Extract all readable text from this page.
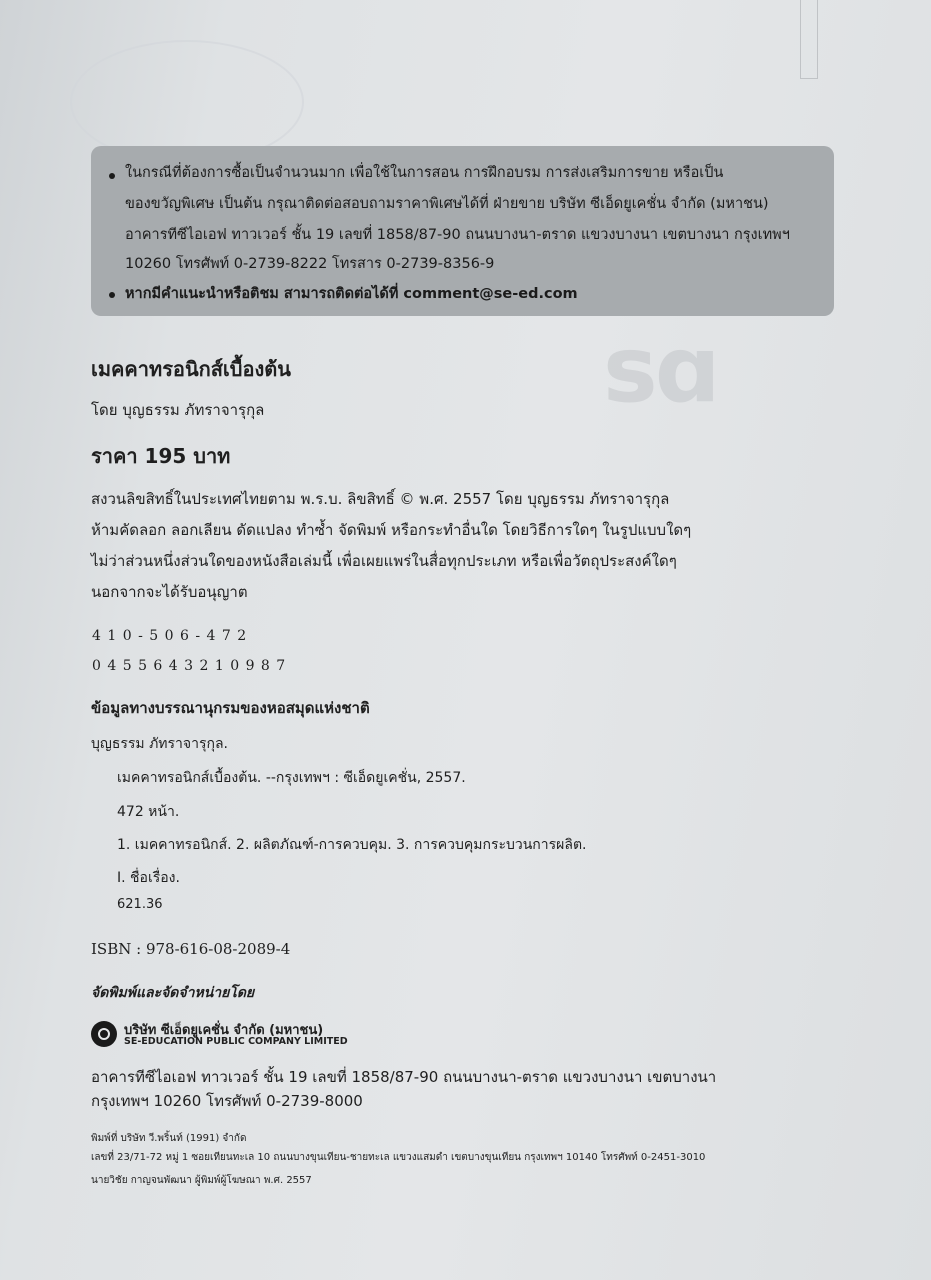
ɒƨ
ในกรณีที่ต้องการซื้อเป็นจำนวนมาก เพื่อใช้ในการสอน การฝึกอบรม การส่งเสริมการขาย หรือเป็น
ของขวัญพิเศษ เป็นต้น กรุณาติดต่อสอบถามราคาพิเศษได้ที่ ฝ่ายขาย บริษัท ซีเอ็ดยูเคชั่น จำกัด (มหาชน)
อาคารทีซีไอเอฟ ทาวเวอร์ ชั้น 19 เลขที่ 1858/87-90 ถนนบางนา-ตราด แขวงบางนา เขตบางนา กรุงเทพฯ
10260 โทรศัพท์ 0-2739-8222 โทรสาร 0-2739-8356-9
หากมีคำแนะนำหรือติชม สามารถติดต่อได้ที่ comment@se-ed.com
เมคคาทรอนิกส์เบื้องต้น
โดย บุญธรรม ภัทราจารุกุล
ราคา 195 บาท
สงวนลิขสิทธิ์ในประเทศไทยตาม พ.ร.บ. ลิขสิทธิ์ © พ.ศ. 2557 โดย บุญธรรม ภัทราจารุกุล
ห้ามคัดลอก ลอกเลียน ดัดแปลง ทำซ้ำ จัดพิมพ์ หรือกระทำอื่นใด โดยวิธีการใดๆ ในรูปแบบใดๆ
ไม่ว่าส่วนหนึ่งส่วนใดของหนังสือเล่มนี้ เพื่อเผยแพร่ในสื่อทุกประเภท หรือเพื่อวัตถุประสงค์ใดๆ
นอกจากจะได้รับอนุญาต
4 1 0 - 5 0 6 - 4 7 2
0 4 5 5 6 4 3 2 1 0 9 8 7
ข้อมูลทางบรรณานุกรมของหอสมุดแห่งชาติ
บุญธรรม ภัทราจารุกุล.
เมคคาทรอนิกส์เบื้องต้น. --กรุงเทพฯ : ซีเอ็ดยูเคชั่น, 2557.
472 หน้า.
1. เมคคาทรอนิกส์. 2. ผลิตภัณฑ์-การควบคุม. 3. การควบคุมกระบวนการผลิต.
I. ชื่อเรื่อง.
621.36
ISBN : 978-616-08-2089-4
จัดพิมพ์และจัดจำหน่ายโดย
บริษัท ซีเอ็ดยูเคชั่น จำกัด (มหาชน)
SE-EDUCATION PUBLIC COMPANY LIMITED
อาคารทีซีไอเอฟ ทาวเวอร์ ชั้น 19 เลขที่ 1858/87-90 ถนนบางนา-ตราด แขวงบางนา เขตบางนา
กรุงเทพฯ 10260 โทรศัพท์ 0-2739-8000
พิมพ์ที่ บริษัท วี.พริ้นท์ (1991) จำกัด
เลขที่ 23/71-72 หมู่ 1 ซอยเทียนทะเล 10 ถนนบางขุนเทียน-ชายทะเล แขวงแสมดำ เขตบางขุนเทียน กรุงเทพฯ 10140 โทรศัพท์ 0-2451-3010
นายวิชัย กาญจนพัฒนา ผู้พิมพ์ผู้โฆษณา พ.ศ. 2557
